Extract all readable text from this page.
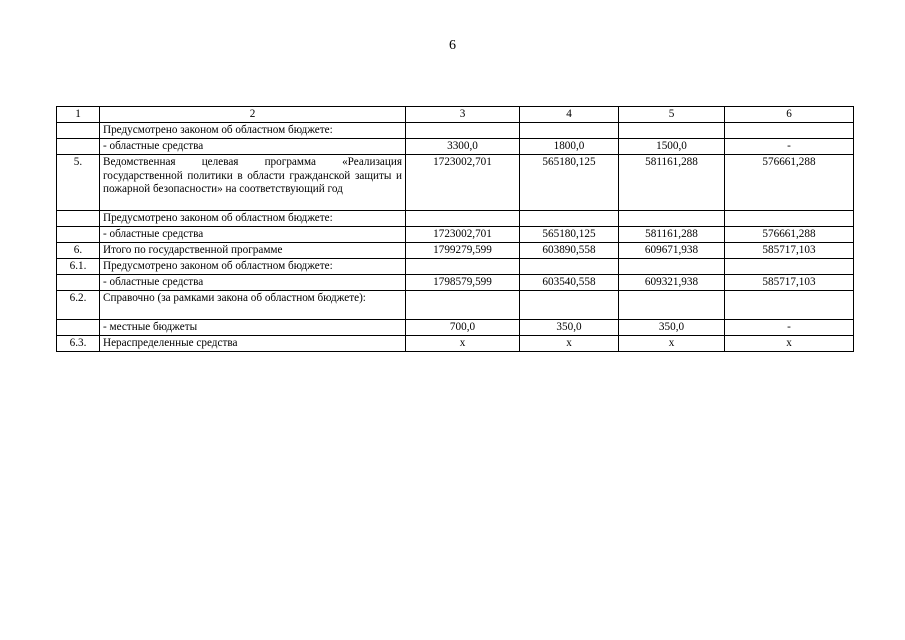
6
1	2	3	4	5	6
	Предусмотрено законом об областном бюджете:				
	- областные средства	3300,0	1800,0	1500,0	-
5.	Ведомственная целевая программа «Реализация государственной политики в области гражданской защиты и пожарной безопасности» на соответствующий год	1723002,701	565180,125	581161,288	576661,288
	Предусмотрено законом об областном бюджете:				
	- областные средства	1723002,701	565180,125	581161,288	576661,288
6.	Итого по государственной программе	1799279,599	603890,558	609671,938	585717,103
6.1.	Предусмотрено законом об областном бюджете:				
	- областные средства	1798579,599	603540,558	609321,938	585717,103
6.2.	Справочно (за рамками закона об областном бюджете):				
	- местные бюджеты	700,0	350,0	350,0	-
6.3.	Нераспределенные средства	х	х	х	х
